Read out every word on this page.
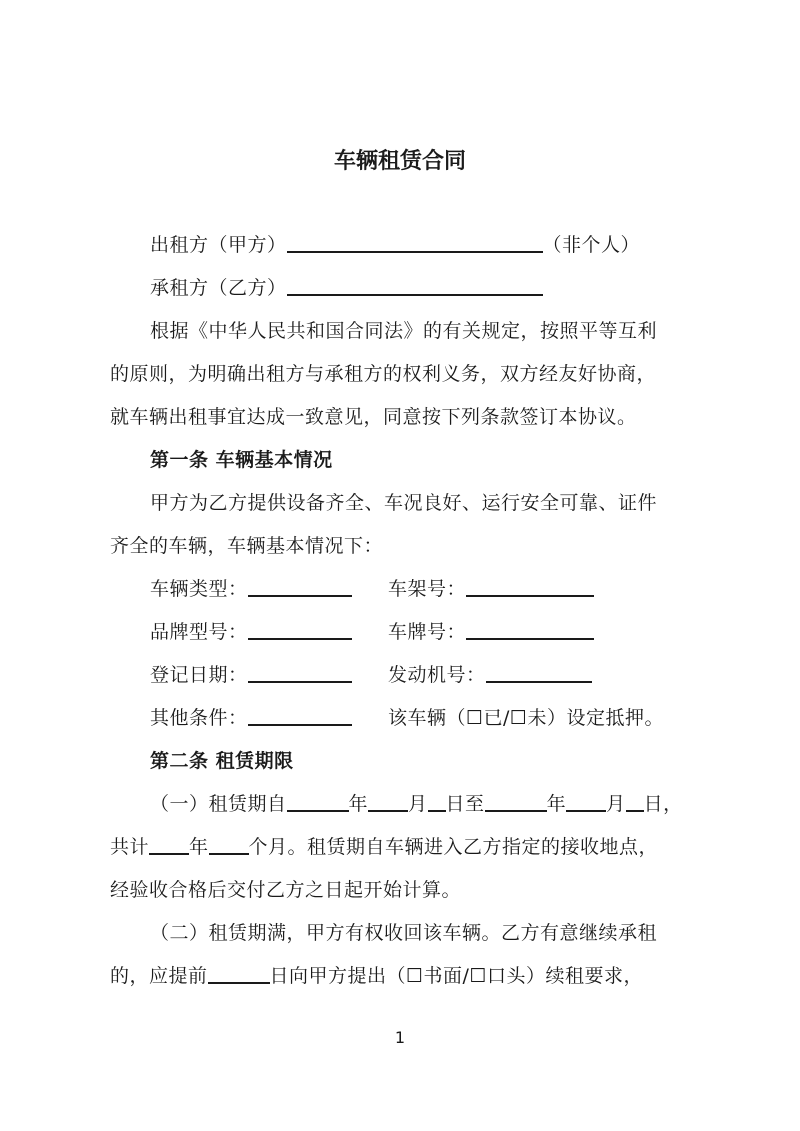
车辆租赁合同
出租方（甲方）	（非个人）
承租方（乙方）
根据《中华人民共和国合同法》的有关规定，按照平等互利
的原则，为明确出租方与承租方的权利义务，双方经友好协商，
就车辆出租事宜达成一致意见，同意按下列条款签订本协议。
第一条 车辆基本情况
甲方为乙方提供设备齐全、车况良好、运行安全可靠、证件
齐全的车辆，车辆基本情况下：
车辆类型：	车架号：
品牌型号：	车牌号：
登记日期：	发动机号：
其他条件：	该车辆（☐已/☐未）设定抵押。
第二条 租赁期限
（一）租赁期自	年 月 日至	年 月 日，
共计 年 个月。租赁期自车辆进入乙方指定的接收地点，
经验收合格后交付乙方之日起开始计算。
（二）租赁期满，甲方有权收回该车辆。乙方有意继续承租
的，应提前	日向甲方提出（☐书面/☐口头）续租要求，
1
